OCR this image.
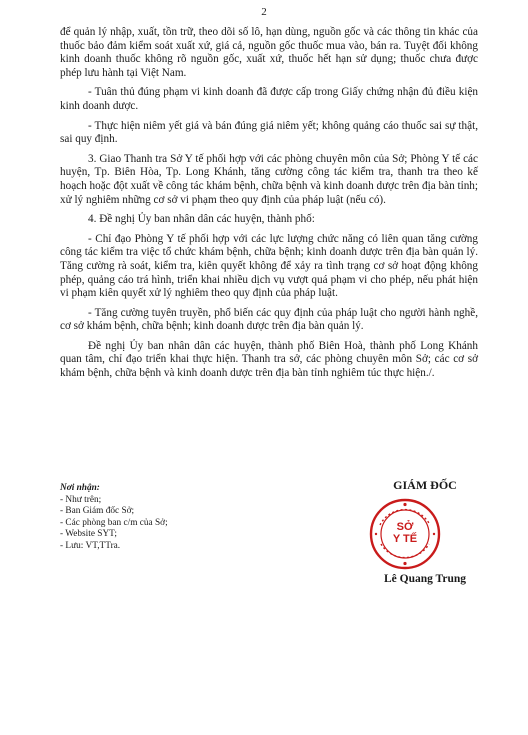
2

để quản lý nhập, xuất, tồn trữ, theo dõi số lô, hạn dùng, nguồn gốc và các thông tin khác của thuốc bảo đảm kiểm soát xuất xứ, giá cả, nguồn gốc thuốc mua vào, bán ra. Tuyệt đối không kinh doanh thuốc không rõ nguồn gốc, xuất xứ, thuốc hết hạn sử dụng; thuốc chưa được phép lưu hành tại Việt Nam.

- Tuân thủ đúng phạm vi kinh doanh đã được cấp trong Giấy chứng nhận đủ điều kiện kinh doanh dược.

- Thực hiện niêm yết giá và bán đúng giá niêm yết; không quảng cáo thuốc sai sự thật, sai quy định.

3. Giao Thanh tra Sở Y tế phối hợp với các phòng chuyên môn của Sở; Phòng Y tế các huyện, Tp. Biên Hòa, Tp. Long Khánh, tăng cường công tác kiểm tra, thanh tra theo kế hoạch hoặc đột xuất về công tác khám bệnh, chữa bệnh và kinh doanh dược trên địa bàn tỉnh; xử lý nghiêm những cơ sở vi phạm theo quy định của pháp luật (nếu có).

4. Đề nghị Ủy ban nhân dân các huyện, thành phố:

- Chỉ đạo Phòng Y tế phối hợp với các lực lượng chức năng có liên quan tăng cường công tác kiểm tra việc tổ chức khám bệnh, chữa bệnh; kinh doanh dược trên địa bàn quản lý. Tăng cường rà soát, kiểm tra, kiên quyết không để xảy ra tình trạng cơ sở hoạt động không phép, quảng cáo trá hình, triển khai nhiều dịch vụ vượt quá phạm vi cho phép, nếu phát hiện vi phạm kiên quyết xử lý nghiêm theo quy định của pháp luật.

- Tăng cường tuyên truyền, phổ biến các quy định của pháp luật cho người hành nghề, cơ sở khám bệnh, chữa bệnh; kinh doanh dược trên địa bàn quản lý.

Đề nghị Ủy ban nhân dân các huyện, thành phố Biên Hoà, thành phố Long Khánh quan tâm, chỉ đạo triển khai thực hiện. Thanh tra sở, các phòng chuyên môn Sở; các cơ sở khám bệnh, chữa bệnh và kinh doanh dược trên địa bàn tỉnh nghiêm túc thực hiện./.

Nơi nhận:
- Như trên;
- Ban Giám đốc Sở;
- Các phòng ban c/m của Sở;
- Website SYT;
- Lưu: VT,TTra.
GIÁM ĐỐC
SỞ
Y TẾ
Lê Quang Trung
